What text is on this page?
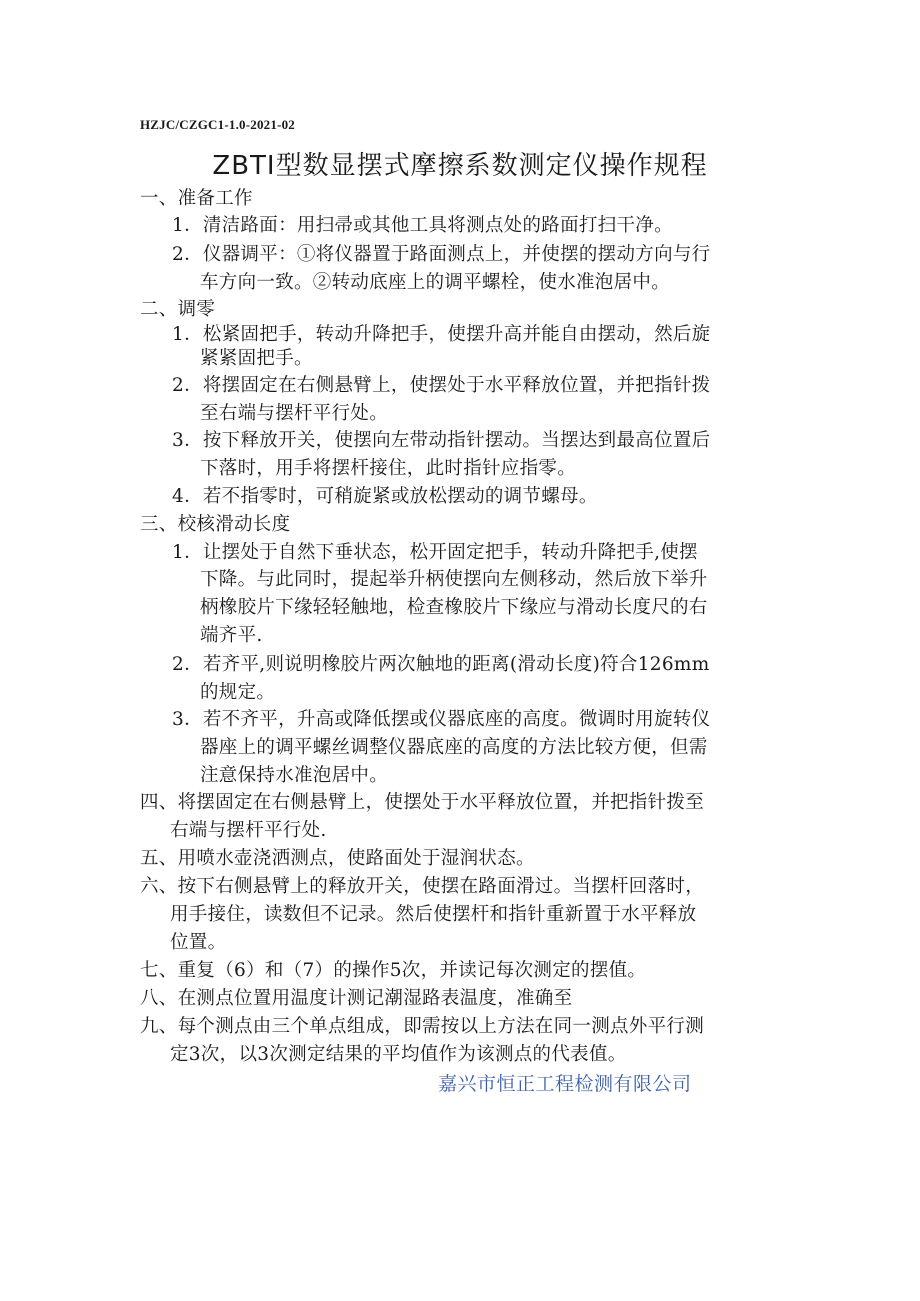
HZJC/CZGC1-1.0-2021-02
ZBTI型数显摆式摩擦系数测定仪操作规程
一、准备工作
1．清洁路面：用扫帚或其他工具将测点处的路面打扫干净。
2．仪器调平：①将仪器置于路面测点上，并使摆的摆动方向与行
车方向一致。②转动底座上的调平螺栓，使水准泡居中。
二、调零
1．松紧固把手，转动升降把手，使摆升高并能自由摆动，然后旋
紧紧固把手。
2．将摆固定在右侧悬臂上，使摆处于水平释放位置，并把指针拨
至右端与摆杆平行处。
3．按下释放开关，使摆向左带动指针摆动。当摆达到最高位置后
下落时，用手将摆杆接住，此时指针应指零。
4．若不指零时，可稍旋紧或放松摆动的调节螺母。
三、校核滑动长度
1．让摆处于自然下垂状态，松开固定把手，转动升降把手,使摆
下降。与此同时，提起举升柄使摆向左侧移动，然后放下举升
柄橡胶片下缘轻轻触地，检查橡胶片下缘应与滑动长度尺的右
端齐平.
2．若齐平,则说明橡胶片两次触地的距离(滑动长度)符合126mm
的规定。
3．若不齐平，升高或降低摆或仪器底座的高度。微调时用旋转仪
器座上的调平螺丝调整仪器底座的高度的方法比较方便，但需
注意保持水准泡居中。
四、将摆固定在右侧悬臂上，使摆处于水平释放位置，并把指针拨至
右端与摆杆平行处.
五、用喷水壶浇洒测点，使路面处于湿润状态。
六、按下右侧悬臂上的释放开关，使摆在路面滑过。当摆杆回落时，
用手接住，读数但不记录。然后使摆杆和指针重新置于水平释放
位置。
七、重复（6）和（7）的操作5次，并读记每次测定的摆值。
八、在测点位置用温度计测记潮湿路表温度，准确至
九、每个测点由三个单点组成，即需按以上方法在同一测点外平行测
定3次，以3次测定结果的平均值作为该测点的代表值。
嘉兴市恒正工程检测有限公司
